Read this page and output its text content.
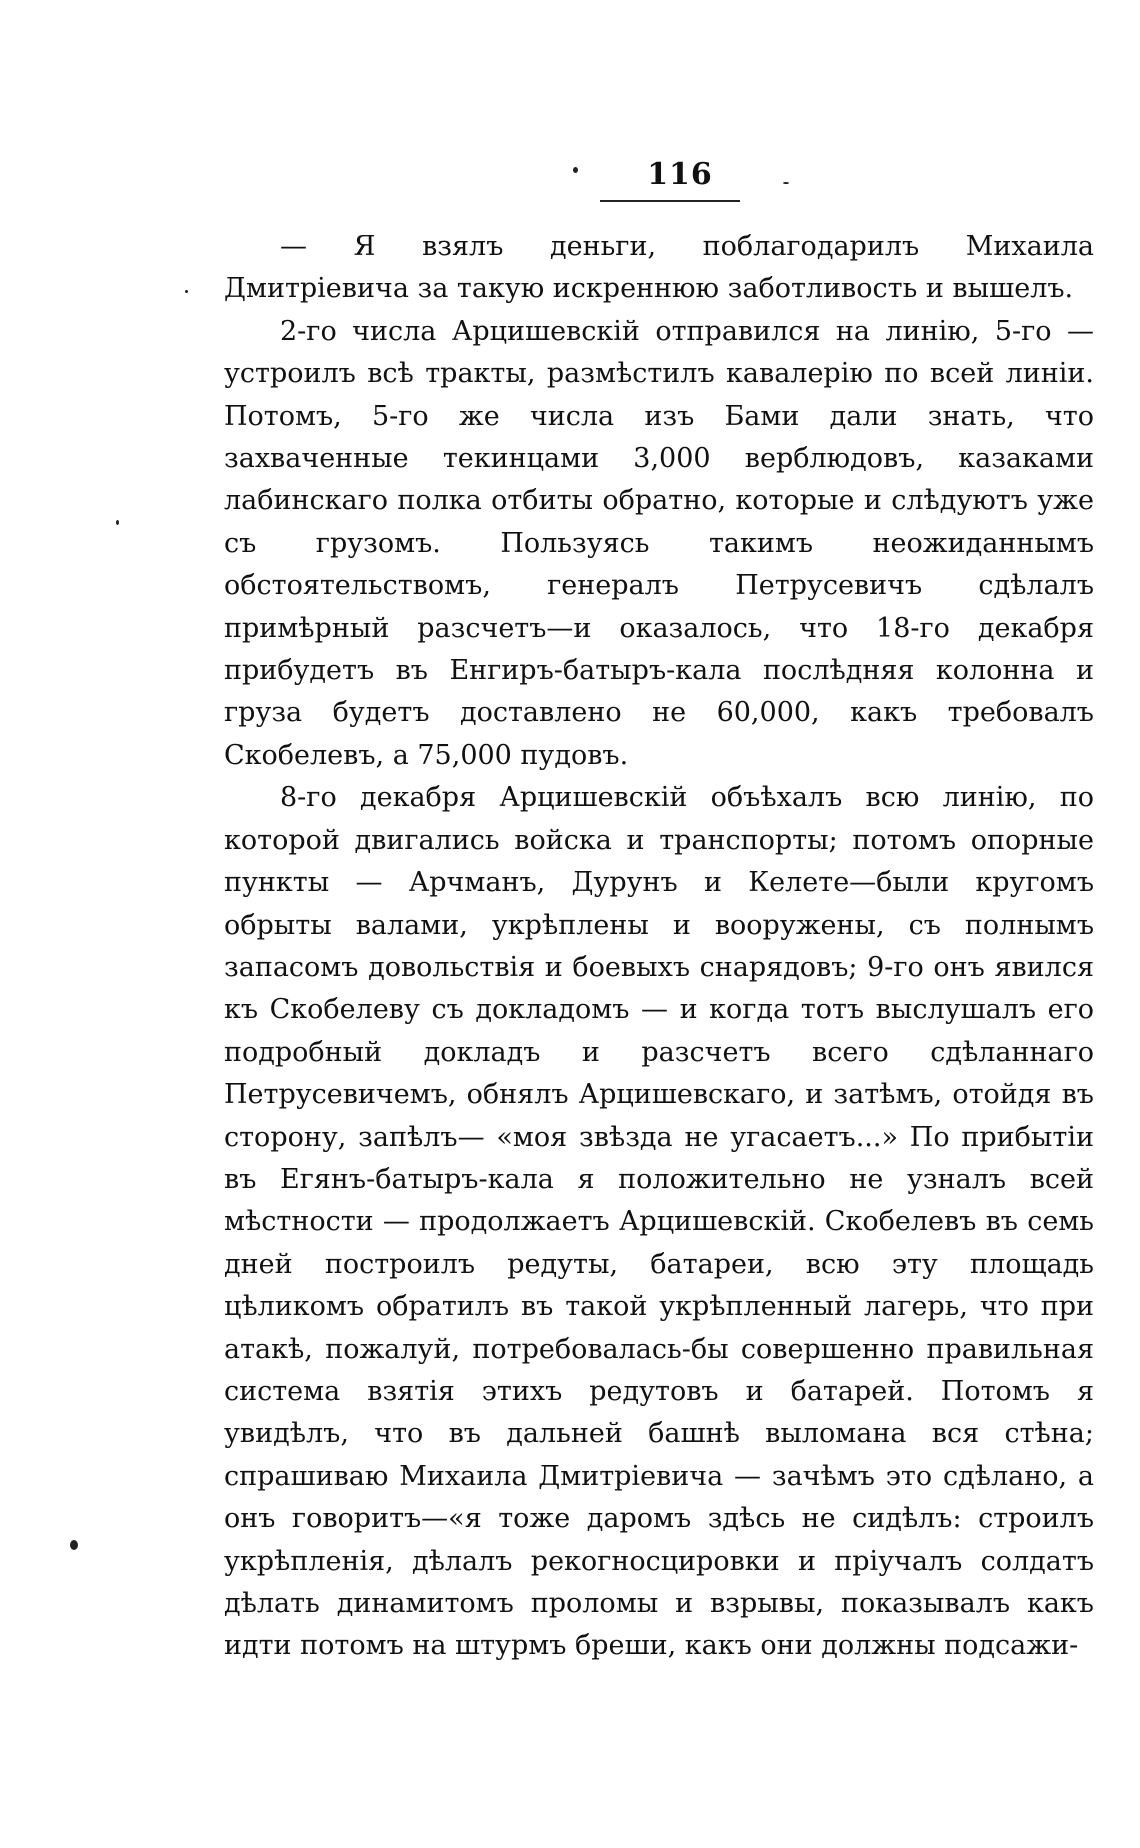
116

— Я взялъ деньги, поблагодарилъ Михаила Дмитріевича за такую искреннюю заботливость и вышелъ.

2-го числа Арцишевскій отправился на линію, 5-го — устроилъ всѣ тракты, размѣстилъ кавалерію по всей линіи. Потомъ, 5-го же числа изъ Бами дали знать, что захваченные текинцами 3,000 верблюдовъ, казаками лабинскаго полка отбиты обратно, которые и слѣдуютъ уже съ грузомъ. Пользуясь такимъ неожиданнымъ обстоятельствомъ, генералъ Петрусевичъ сдѣлалъ примѣрный разсчетъ—и оказалось, что 18-го декабря прибудетъ въ Енгиръ-батыръ-кала послѣдняя колонна и груза будетъ доставлено не 60,000, какъ требовалъ Скобелевъ, а 75,000 пудовъ.

8-го декабря Арцишевскій объѣхалъ всю линію, по которой двигались войска и транспорты; потомъ опорные пункты — Арчманъ, Дурунъ и Келете—были кругомъ обрыты валами, укрѣплены и вооружены, съ полнымъ запасомъ довольствія и боевыхъ снарядовъ; 9-го онъ явился къ Скобелеву съ докладомъ — и когда тотъ выслушалъ его подробный докладъ и разсчетъ всего сдѣланнаго Петрусевичемъ, обнялъ Арцишевскаго, и затѣмъ, отойдя въ сторону, запѣлъ— «моя звѣзда не угасаетъ...» По прибытіи въ Егянъ-батыръ-кала я положительно не узналъ всей мѣстности — продолжаетъ Арцишевскій. Скобелевъ въ семь дней построилъ редуты, батареи, всю эту площадь цѣликомъ обратилъ въ такой укрѣпленный лагерь, что при атакѣ, пожалуй, потребовалась-бы совершенно правильная система взятія этихъ редутовъ и батарей. Потомъ я увидѣлъ, что въ дальней башнѣ выломана вся стѣна; спрашиваю Михаила Дмитріевича — зачѣмъ это сдѣлано, а онъ говоритъ—«я тоже даромъ здѣсь не сидѣлъ: строилъ укрѣпленія, дѣлалъ рекогносцировки и пріучалъ солдатъ дѣлать динамитомъ проломы и взрывы, показывалъ какъ идти потомъ на штурмъ бреши, какъ они должны подсажи-
